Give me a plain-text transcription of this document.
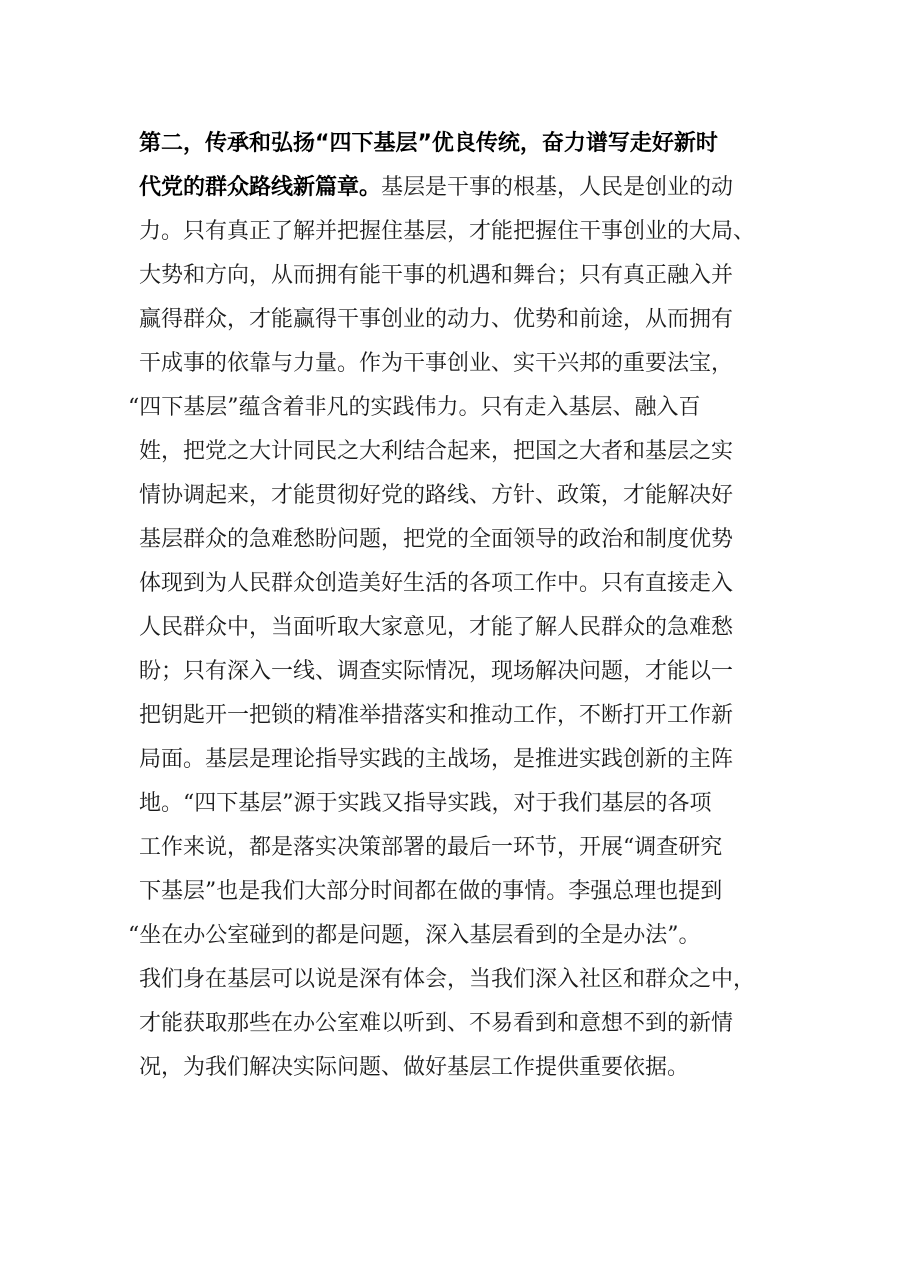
第二，传承和弘扬“四下基层”优良传统，奋力谱写走好新时
代党的群众路线新篇章。基层是干事的根基，人民是创业的动
力。只有真正了解并把握住基层，才能把握住干事创业的大局、
大势和方向，从而拥有能干事的机遇和舞台；只有真正融入并
赢得群众，才能赢得干事创业的动力、优势和前途，从而拥有
干成事的依靠与力量。作为干事创业、实干兴邦的重要法宝，
“四下基层”蕴含着非凡的实践伟力。只有走入基层、融入百
姓，把党之大计同民之大利结合起来，把国之大者和基层之实
情协调起来，才能贯彻好党的路线、方针、政策，才能解决好
基层群众的急难愁盼问题，把党的全面领导的政治和制度优势
体现到为人民群众创造美好生活的各项工作中。只有直接走入
人民群众中，当面听取大家意见，才能了解人民群众的急难愁
盼；只有深入一线、调查实际情况，现场解决问题，才能以一
把钥匙开一把锁的精准举措落实和推动工作，不断打开工作新
局面。基层是理论指导实践的主战场，是推进实践创新的主阵
地。“四下基层”源于实践又指导实践，对于我们基层的各项
工作来说，都是落实决策部署的最后一环节，开展“调查研究
下基层”也是我们大部分时间都在做的事情。李强总理也提到
“坐在办公室碰到的都是问题，深入基层看到的全是办法”。
我们身在基层可以说是深有体会，当我们深入社区和群众之中，
才能获取那些在办公室难以听到、不易看到和意想不到的新情
况，为我们解决实际问题、做好基层工作提供重要依据。
